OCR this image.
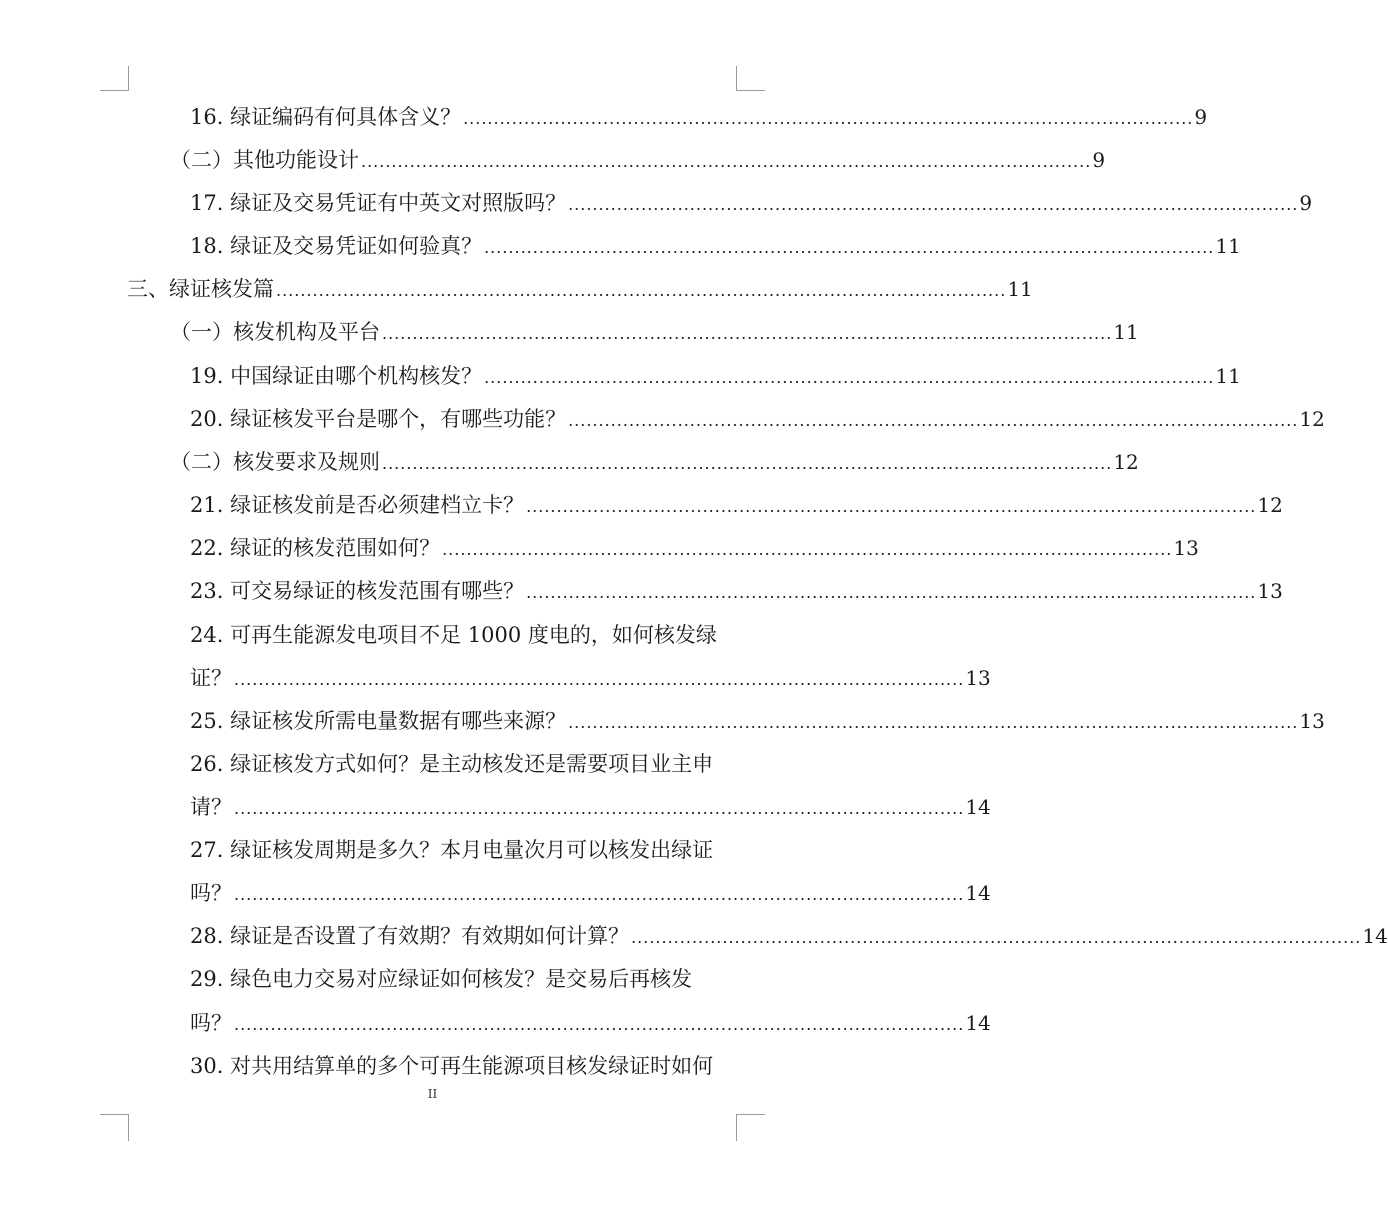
16. 绿证编码有何具体含义？ ........................................................................................................................ 9
（二）其他功能设计 ........................................................................................................................ 9
17. 绿证及交易凭证有中英文对照版吗？ ........................................................................................................................ 9
18. 绿证及交易凭证如何验真？ ........................................................................................................................ 11
三、绿证核发篇 ........................................................................................................................ 11
（一）核发机构及平台 ........................................................................................................................ 11
19. 中国绿证由哪个机构核发？ ........................................................................................................................ 11
20. 绿证核发平台是哪个，有哪些功能？ ........................................................................................................................ 12
（二）核发要求及规则 ........................................................................................................................ 12
21. 绿证核发前是否必须建档立卡？ ........................................................................................................................ 12
22. 绿证的核发范围如何？ ........................................................................................................................ 13
23. 可交易绿证的核发范围有哪些？ ........................................................................................................................ 13
24. 可再生能源发电项目不足 1000 度电的，如何核发绿
证？ ........................................................................................................................ 13
25. 绿证核发所需电量数据有哪些来源？ ........................................................................................................................ 13
26. 绿证核发方式如何？是主动核发还是需要项目业主申
请？ ........................................................................................................................ 14
27. 绿证核发周期是多久？本月电量次月可以核发出绿证
吗？ ........................................................................................................................ 14
28. 绿证是否设置了有效期？有效期如何计算？ ........................................................................................................................ 14
29. 绿色电力交易对应绿证如何核发？是交易后再核发
吗？ ........................................................................................................................ 14
30. 对共用结算单的多个可再生能源项目核发绿证时如何
II
